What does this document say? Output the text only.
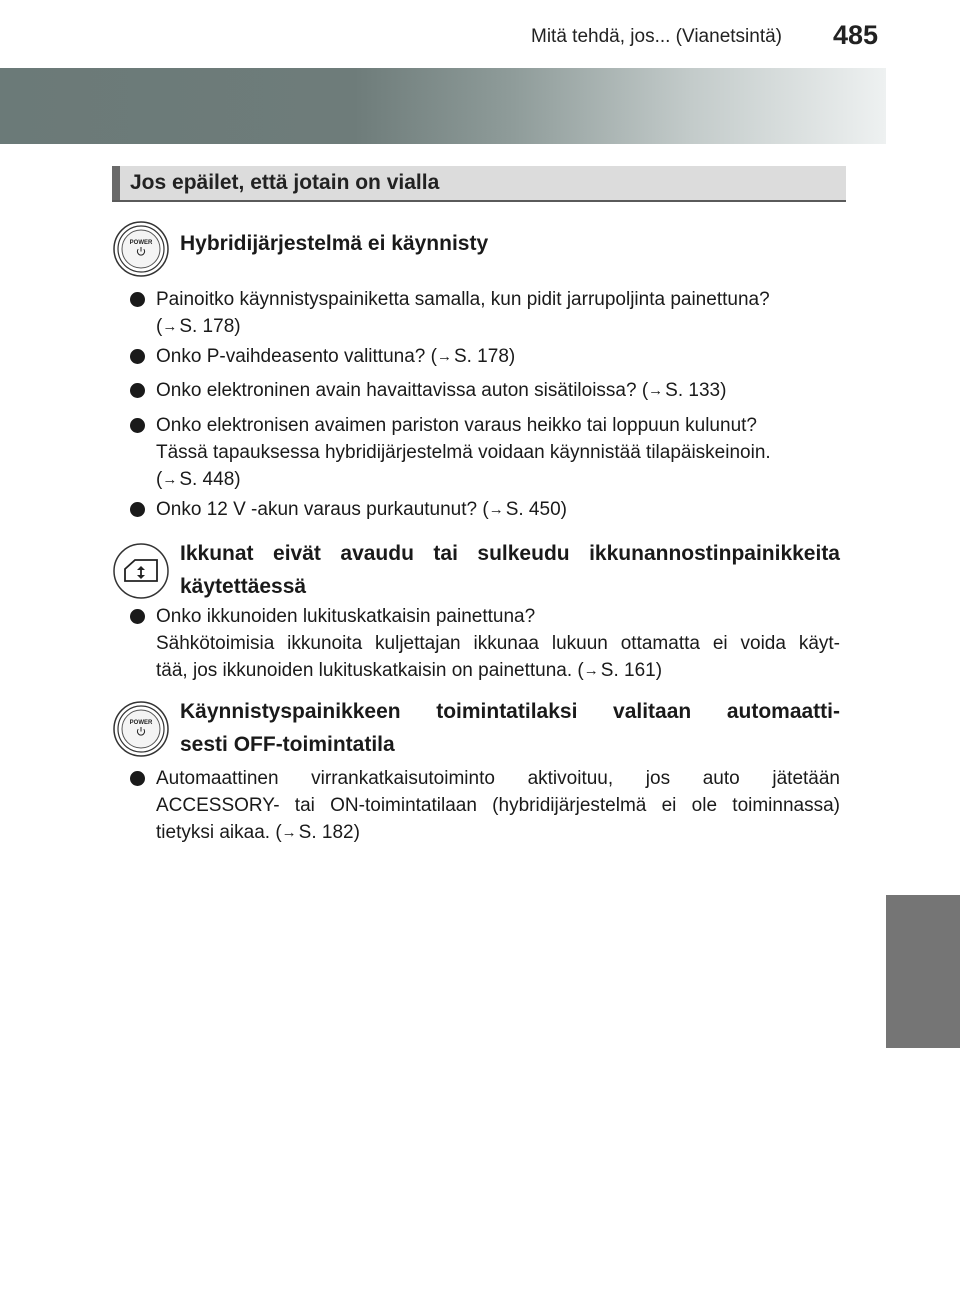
Mitä tehdä, jos... (Vianetsintä) 485
Jos epäilet, että jotain on vialla
POWER Hybridijärjestelmä ei käynnisty
Painoitko käynnistyspainiketta samalla, kun pidit jarrupoljinta painettuna?
(→ S. 178)
Onko P-vaihdeasento valittuna? (→ S. 178)
Onko elektroninen avain havaittavissa auton sisätiloissa? (→ S. 133)
Onko elektronisen avaimen pariston varaus heikko tai loppuun kulunut?
Tässä tapauksessa hybridijärjestelmä voidaan käynnistää tilapäiskeinoin.
(→ S. 448)
Onko 12 V -akun varaus purkautunut? (→ S. 450)
Ikkunat eivät avaudu tai sulkeudu ikkunannostinpainikkeita
käytettäessä
Onko ikkunoiden lukituskatkaisin painettuna?
Sähkötoimisia ikkunoita kuljettajan ikkunaa lukuun ottamatta ei voida käyt-
tää, jos ikkunoiden lukituskatkaisin on painettuna. (→ S. 161)
POWER Käynnistyspainikkeen toimintatilaksi valitaan automaatti-
sesti OFF-toimintatila
Automaattinen virrankatkaisutoiminto aktivoituu, jos auto jätetään
ACCESSORY- tai ON-toimintatilaan (hybridijärjestelmä ei ole toiminnassa)
tietyksi aikaa. (→ S. 182)
